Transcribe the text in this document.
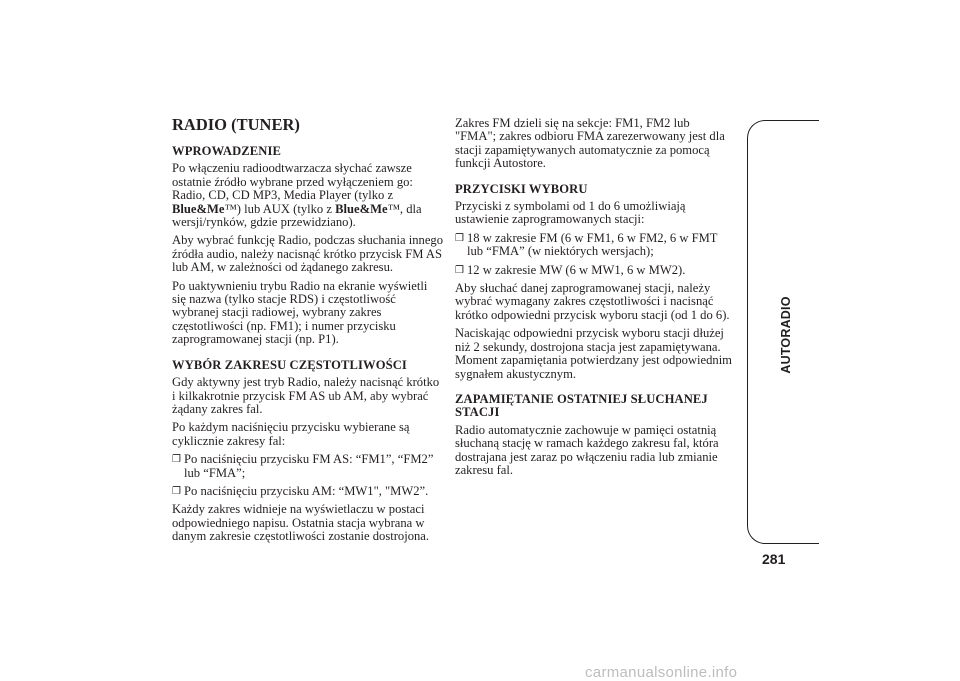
RADIO (TUNER)
WPROWADZENIE

Po włączeniu radioodtwarzacza słychać zawsze ostatnie źródło wybrane przed wyłączeniem go: Radio, CD, CD MP3, Media Player (tylko z Blue&Me™) lub AUX (tylko z Blue&Me™, dla wersji/rynków, gdzie przewidziano).

Aby wybrać funkcję Radio, podczas słuchania innego źródła audio, należy nacisnąć krótko przycisk FM AS lub AM, w zależności od żądanego zakresu.

Po uaktywnieniu trybu Radio na ekranie wyświetli się nazwa (tylko stacje RDS) i częstotliwość wybranej stacji radiowej, wybrany zakres częstotliwości (np. FM1); i numer przycisku zaprogramowanej stacji (np. P1).

WYBÓR ZAKRESU CZĘSTOTLIWOŚCI

Gdy aktywny jest tryb Radio, należy nacisnąć krótko i kilkakrotnie przycisk FM AS ub AM, aby wybrać żądany zakres fal.

Po każdym naciśnięciu przycisku wybierane są cyklicznie zakresy fal:

❒ Po naciśnięciu przycisku FM AS: “FM1”, “FM2” lub “FMA”;
❒ Po naciśnięciu przycisku AM: “MW1", "MW2”.

Każdy zakres widnieje na wyświetlaczu w postaci odpowiedniego napisu. Ostatnia stacja wybrana w danym zakresie częstotliwości zostanie dostrojona.

Zakres FM dzieli się na sekcje: FM1, FM2 lub "FMA"; zakres odbioru FMA zarezerwowany jest dla stacji zapamiętywanych automatycznie za pomocą funkcji Autostore.

PRZYCISKI WYBORU

Przyciski z symbolami od 1 do 6 umożliwiają ustawienie zaprogramowanych stacji:

❒ 18 w zakresie FM (6 w FM1, 6 w FM2, 6 w FMT lub “FMA” (w niektórych wersjach);
❒ 12 w zakresie MW (6 w MW1, 6 w MW2).

Aby słuchać danej zaprogramowanej stacji, należy wybrać wymagany zakres częstotliwości i nacisnąć krótko odpowiedni przycisk wyboru stacji (od 1 do 6).

Naciskając odpowiedni przycisk wyboru stacji dłużej niż 2 sekundy, dostrojona stacja jest zapamiętywana. Moment zapamiętania potwierdzany jest odpowiednim sygnałem akustycznym.

ZAPAMIĘTANIE OSTATNIEJ SŁUCHANEJ STACJI

Radio automatycznie zachowuje w pamięci ostatnią słuchaną stację w ramach każdego zakresu fal, która dostrajana jest zaraz po włączeniu radia lub zmianie zakresu fal.

AUTORADIO
281
carmanualsonline.info
